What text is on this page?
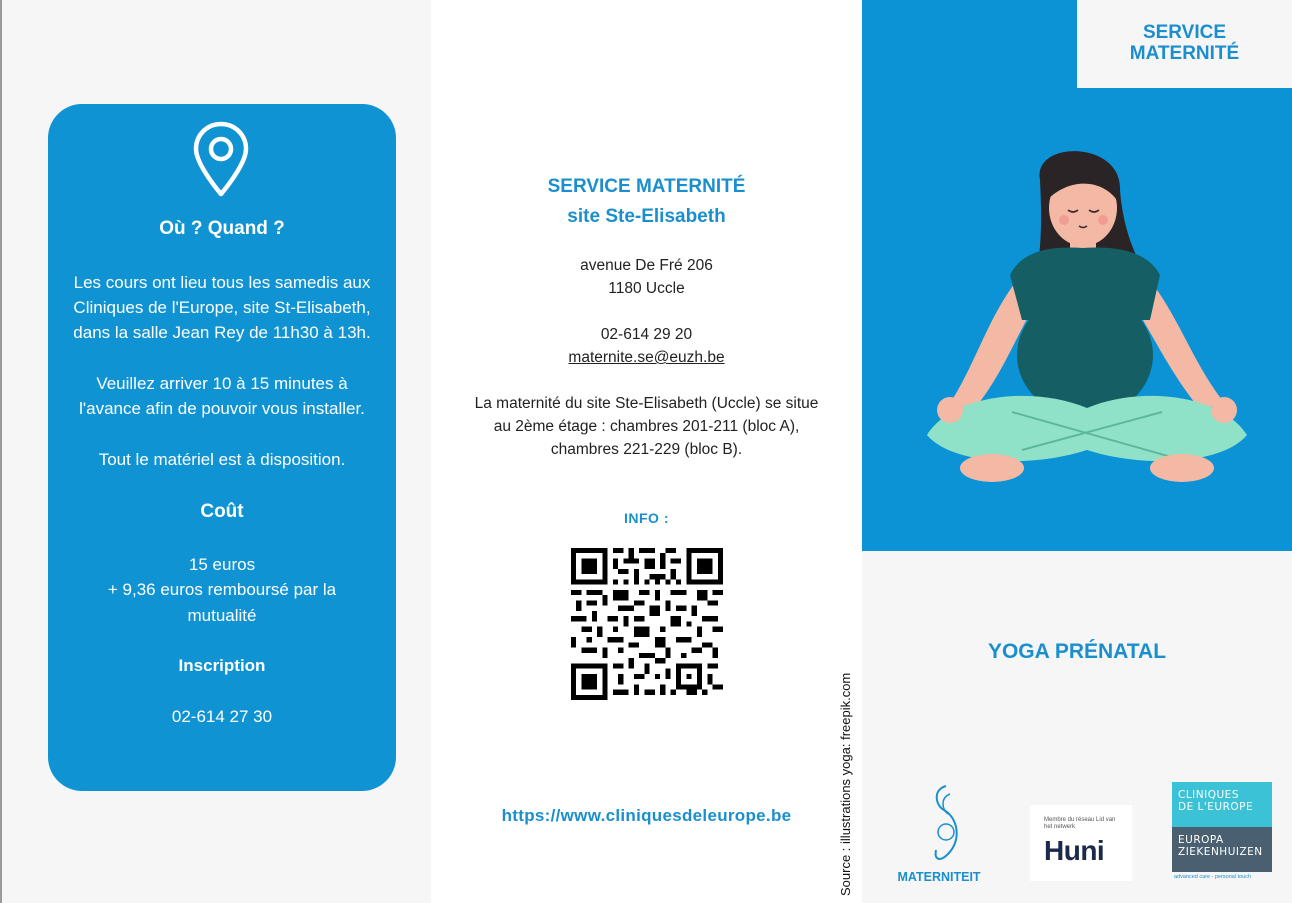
Où ? Quand ?
Les cours ont lieu tous les samedis aux
Cliniques de l'Europe, site St-Elisabeth,
dans la salle Jean Rey de 11h30 à 13h.
Veuillez arriver 10 à 15 minutes à
l'avance afin de pouvoir vous installer.
Tout le matériel est à disposition.
Coût
15 euros
+ 9,36 euros remboursé par la
mutualité
Inscription
02-614 27 30
SERVICE MATERNITÉ
site Ste-Elisabeth
avenue De Fré 206
1180 Uccle
02-614 29 20
maternite.se@euzh.be
La maternité du site Ste-Elisabeth (Uccle) se situe
au 2ème étage : chambres 201-211 (bloc A),
chambres 221-229 (bloc B).
INFO :
https://www.cliniquesdeleurope.be	Source : illustrations yoga: freepik.com
SERVICE
MATERNITÉ
YOGA PRÉNATAL
MATERNITEIT
Membre du réseau Lid van het netwerk
Huni
CLINIQUES
DE L'EUROPE
EUROPA
ZIEKENHUIZEN
advanced care - personal touch
